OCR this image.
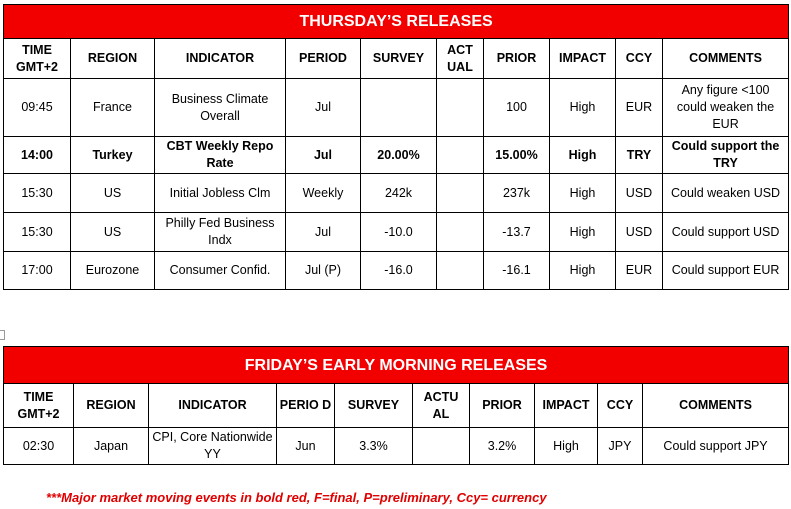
THURSDAY’S RELEASES									
TIME GMT+2	REGION	INDICATOR	PERIOD	SURVEY	ACT UAL	PRIOR	IMPACT	CCY	COMMENTS
09:45	France	Business Climate Overall	Jul			100	High	EUR	Any figure <100 could weaken the EUR
14:00	Turkey	CBT Weekly Repo Rate	Jul	20.00%		15.00%	High	TRY	Could support the TRY
15:30	US	Initial Jobless Clm	Weekly	242k		237k	High	USD	Could weaken USD
15:30	US	Philly Fed Business Indx	Jul	-10.0		-13.7	High	USD	Could support USD
17:00	Eurozone	Consumer Confid.	Jul (P)	-16.0		-16.1	High	EUR	Could support EUR
FRIDAY’S EARLY MORNING RELEASES									
TIME GMT+2	REGION	INDICATOR	PERIO D	SURVEY	ACTU AL	PRIOR	IMPACT	CCY	COMMENTS
02:30	Japan	CPI, Core Nationwide YY	Jun	3.3%		3.2%	High	JPY	Could support JPY
***Major market moving events in bold red, F=final, P=preliminary, Ccy= currency
